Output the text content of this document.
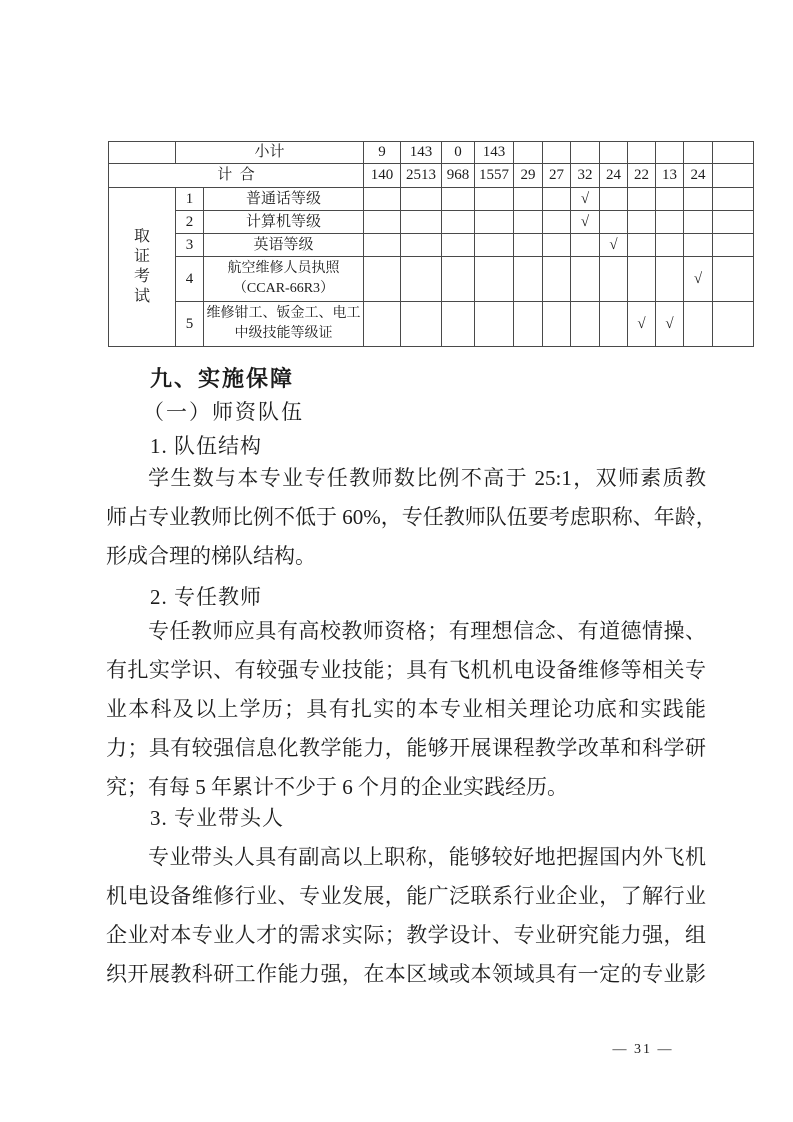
	小计		9	143	0	143								
计  合			140	2513	968	1557	29	27	32	24	22	13	24	

取证考试	1	普通话等级							√					
	2	计算机等级							√					
	3	英语等级								√				
	4	航空维修人员执照
（CCAR-66R3）											√	
	5	维修钳工、钣金工、电工
中级技能等级证									√	√		
九、实施保障
（一）师资队伍
1. 队伍结构
学生数与本专业专任教师数比例不高于 25:1，双师素质教
师占专业教师比例不低于 60%，专任教师队伍要考虑职称、年龄，
形成合理的梯队结构。
2. 专任教师
专任教师应具有高校教师资格；有理想信念、有道德情操、
有扎实学识、有较强专业技能；具有飞机机电设备维修等相关专
业本科及以上学历；具有扎实的本专业相关理论功底和实践能
力；具有较强信息化教学能力，能够开展课程教学改革和科学研
究；有每 5 年累计不少于 6 个月的企业实践经历。
3. 专业带头人
专业带头人具有副高以上职称，能够较好地把握国内外飞机
机电设备维修行业、专业发展，能广泛联系行业企业，了解行业
企业对本专业人才的需求实际；教学设计、专业研究能力强，组
织开展教科研工作能力强，在本区域或本领域具有一定的专业影
— 31 —
